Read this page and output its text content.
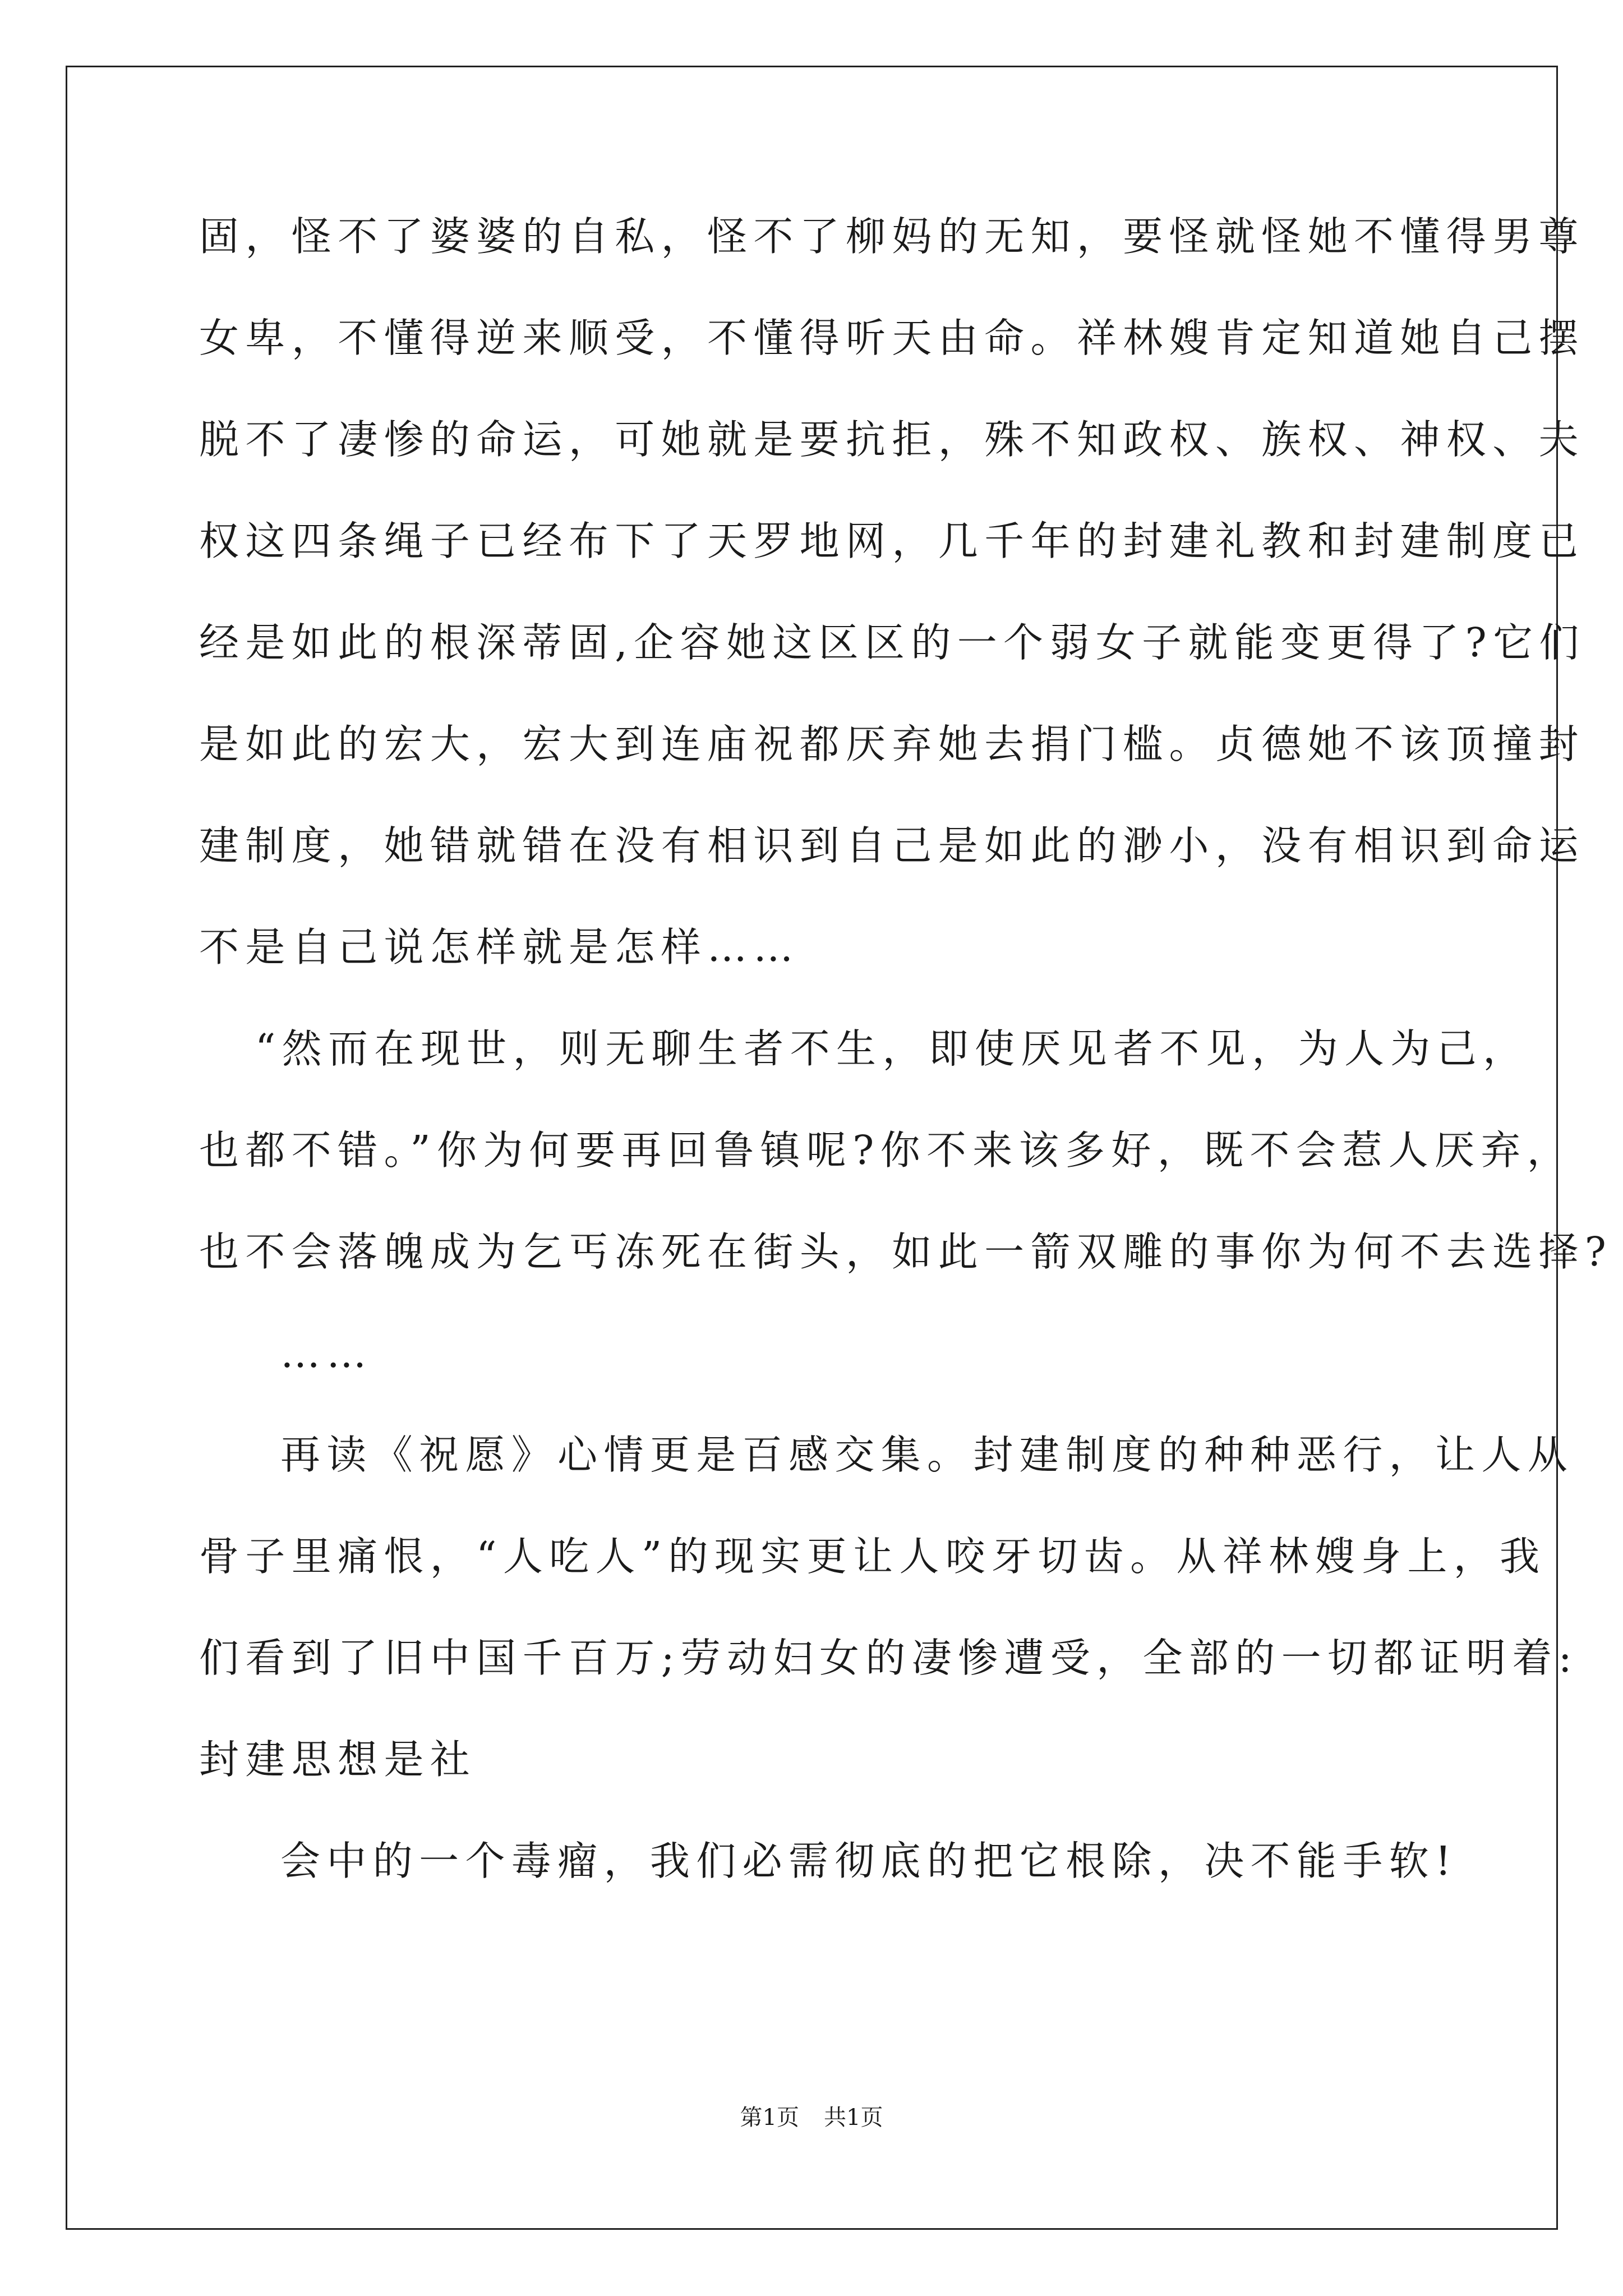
固，怪不了婆婆的自私，怪不了柳妈的无知，要怪就怪她不懂得男尊
女卑，不懂得逆来顺受，不懂得听天由命。祥林嫂肯定知道她自己摆
脱不了凄惨的命运，可她就是要抗拒，殊不知政权、族权、神权、夫
权这四条绳子已经布下了天罗地网，几千年的封建礼教和封建制度已
经是如此的根深蒂固,企容她这区区的一个弱女子就能变更得了?它们
是如此的宏大，宏大到连庙祝都厌弃她去捐门槛。贞德她不该顶撞封
建制度，她错就错在没有相识到自己是如此的渺小，没有相识到命运
不是自己说怎样就是怎样……
“然而在现世，则无聊生者不生，即使厌见者不见，为人为己，
也都不错。”你为何要再回鲁镇呢?你不来该多好，既不会惹人厌弃，
也不会落魄成为乞丐冻死在街头，如此一箭双雕的事你为何不去选择?
……
再读《祝愿》心情更是百感交集。封建制度的种种恶行，让人从
骨子里痛恨，“人吃人”的现实更让人咬牙切齿。从祥林嫂身上，我
们看到了旧中国千百万;劳动妇女的凄惨遭受，全部的一切都证明着:
封建思想是社
会中的一个毒瘤，我们必需彻底的把它根除，决不能手软!
第1页 共1页
